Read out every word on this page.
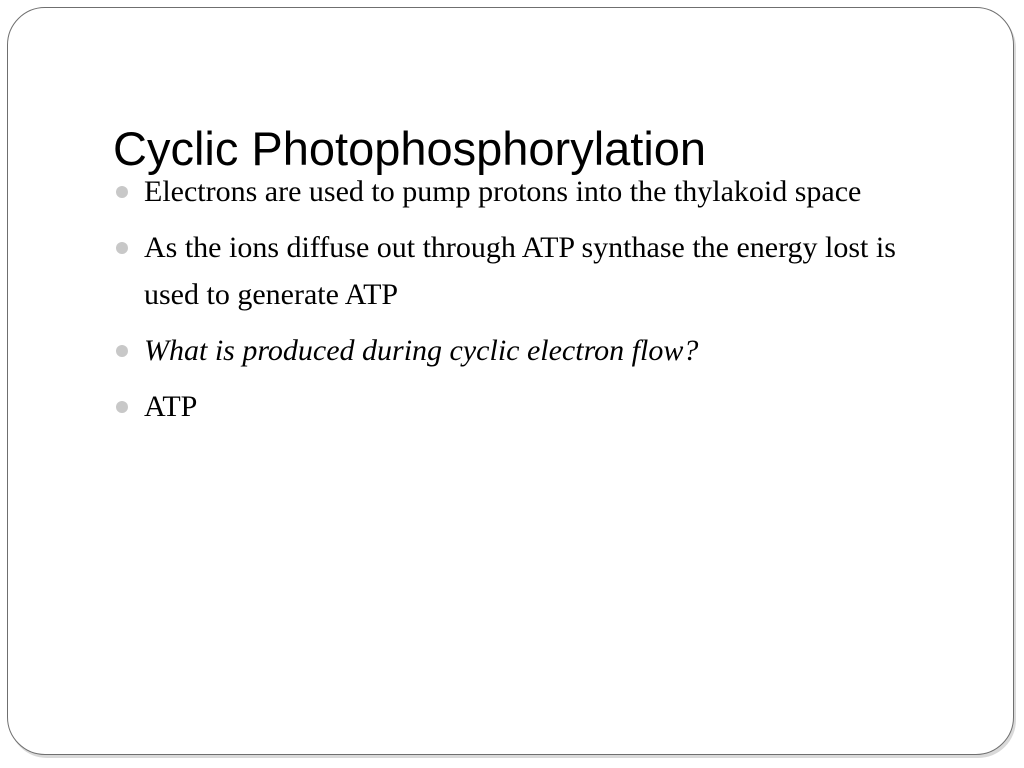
Cyclic Photophosphorylation
Electrons are used to pump protons into the thylakoid space
As the ions diffuse out through ATP synthase the energy lost is used to generate ATP
What is produced during cyclic electron flow?
ATP
